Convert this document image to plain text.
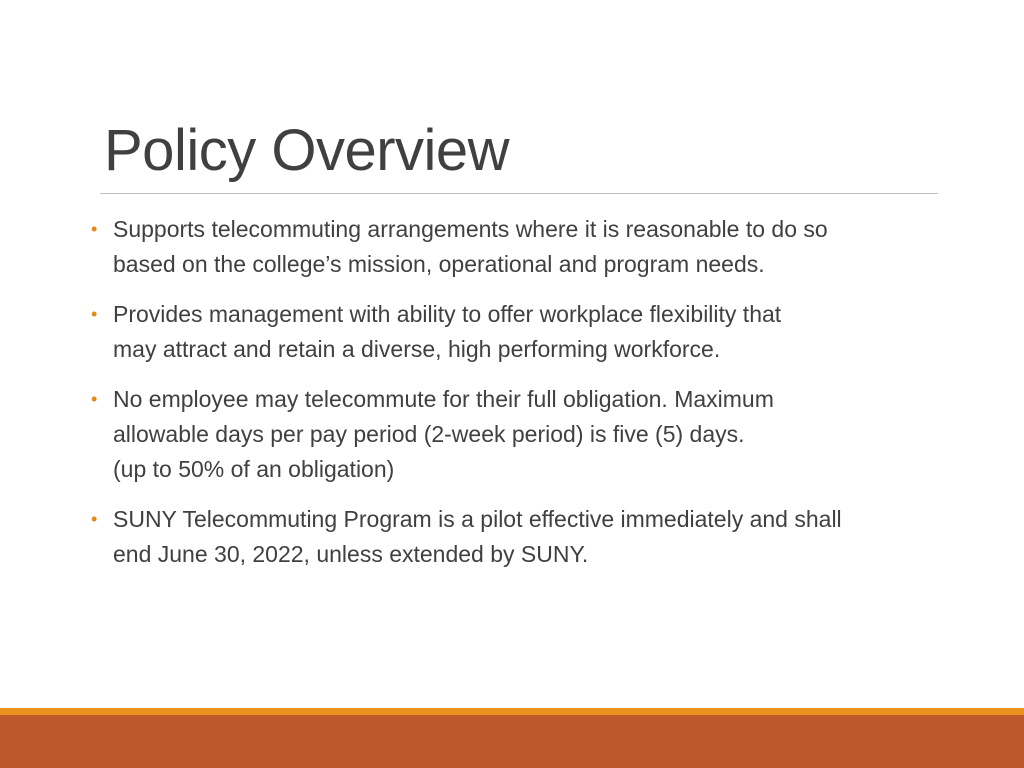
Policy Overview
• Supports telecommuting arrangements where it is reasonable to do so
based on the college’s mission, operational and program needs.
• Provides management with ability to offer workplace flexibility that
may attract and retain a diverse, high performing workforce.
• No employee may telecommute for their full obligation. Maximum
allowable days per pay period (2-week period) is five (5) days.
(up to 50% of an obligation)
• SUNY Telecommuting Program is a pilot effective immediately and shall
end June 30, 2022, unless extended by SUNY.
